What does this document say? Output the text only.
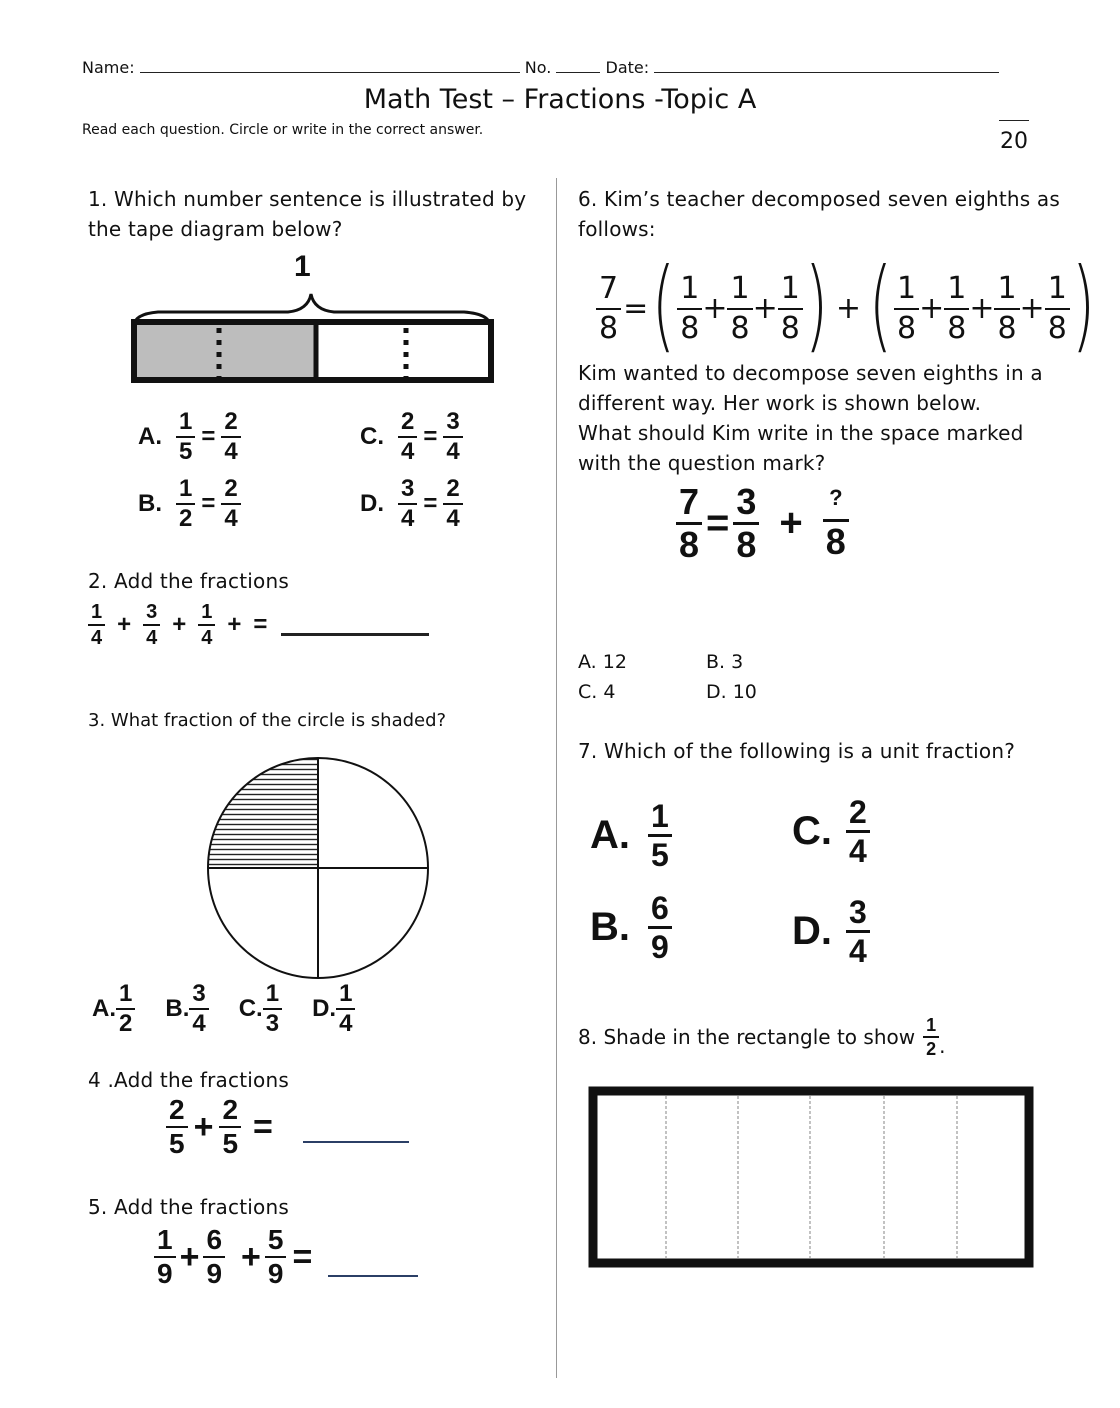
Name:	No.	Date:
Math Test – Fractions -Topic A
Read each question. Circle or write in the correct answer.	20
1. Which number sentence is illustrated by
the tape diagram below?
1
A. $\frac{1}{5} = \frac{2}{4}$	C. $\frac{2}{4} = \frac{3}{4}$
B. $\frac{1}{2} = \frac{2}{4}$	D. $\frac{3}{4} = \frac{2}{4}$
2. Add the fractions
$\frac{1}{4} + \frac{3}{4} + \frac{1}{4}$ + =
3. What fraction of the circle is shaded?
A. $\frac{1}{2} B$. $\frac{3}{4} C$. $\frac{1}{3} D$. $\frac{1}{4}$
4 .Add the fractions
$\frac{2}{5} + \frac{2}{5}$ =
5. Add the fractions
$\frac{1}{9} + \frac{6}{9} + \frac{5}{9}$ =
6. Kim’s teacher decomposed seven eighths as
follows:
$\frac{7}{8}$ = ( $\frac{1}{8} + \frac{1}{8} + \frac{1}{8}$ ) + ( $\frac{1}{8} + \frac{1}{8} + \frac{1}{8} + \frac{1}{8}$ )
Kim wanted to decompose seven eighths in a
different way. Her work is shown below.
What should Kim write in the space marked
with the question mark?
$\frac{7}{8} = \frac{3}{8} + \frac{?}{8}$
A. 12	B. 3
C. 4	D. 10
7. Which of the following is a unit fraction?
A. $\frac{1}{5}$	C. $\frac{2}{4}$
B. $\frac{6}{9}$	D. $\frac{3}{4}$
8. Shade in the rectangle to show $\frac{1}{2}$ .
